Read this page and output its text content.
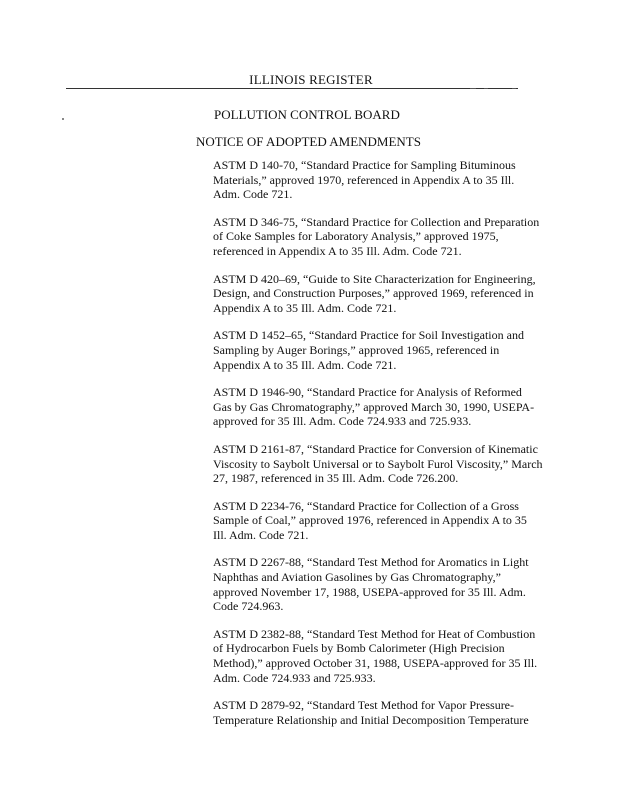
ILLINOIS REGISTER
POLLUTION CONTROL BOARD
NOTICE OF ADOPTED AMENDMENTS
ASTM D 140-70, “Standard Practice for Sampling Bituminous Materials,” approved 1970, referenced in Appendix A to 35 Ill. Adm. Code 721.
ASTM D 346-75, “Standard Practice for Collection and Preparation of Coke Samples for Laboratory Analysis,” approved 1975, referenced in Appendix A to 35 Ill. Adm. Code 721.
ASTM D 420–69, “Guide to Site Characterization for Engineering, Design, and Construction Purposes,” approved 1969, referenced in Appendix A to 35 Ill. Adm. Code 721.
ASTM D 1452–65, “Standard Practice for Soil Investigation and Sampling by Auger Borings,” approved 1965, referenced in Appendix A to 35 Ill. Adm. Code 721.
ASTM D 1946-90, “Standard Practice for Analysis of Reformed Gas by Gas Chromatography,” approved March 30, 1990, USEPA-approved for 35 Ill. Adm. Code 724.933 and 725.933.
ASTM D 2161-87, “Standard Practice for Conversion of Kinematic Viscosity to Saybolt Universal or to Saybolt Furol Viscosity,” March 27, 1987, referenced in 35 Ill. Adm. Code 726.200.
ASTM D 2234-76, “Standard Practice for Collection of a Gross Sample of Coal,” approved 1976, referenced in Appendix A to 35 Ill. Adm. Code 721.
ASTM D 2267-88, “Standard Test Method for Aromatics in Light Naphthas and Aviation Gasolines by Gas Chromatography,” approved November 17, 1988, USEPA-approved for 35 Ill. Adm. Code 724.963.
ASTM D 2382-88, “Standard Test Method for Heat of Combustion of Hydrocarbon Fuels by Bomb Calorimeter (High Precision Method),” approved October 31, 1988, USEPA-approved for 35 Ill. Adm. Code 724.933 and 725.933.
ASTM D 2879-92, “Standard Test Method for Vapor Pressure-Temperature Relationship and Initial Decomposition Temperature
